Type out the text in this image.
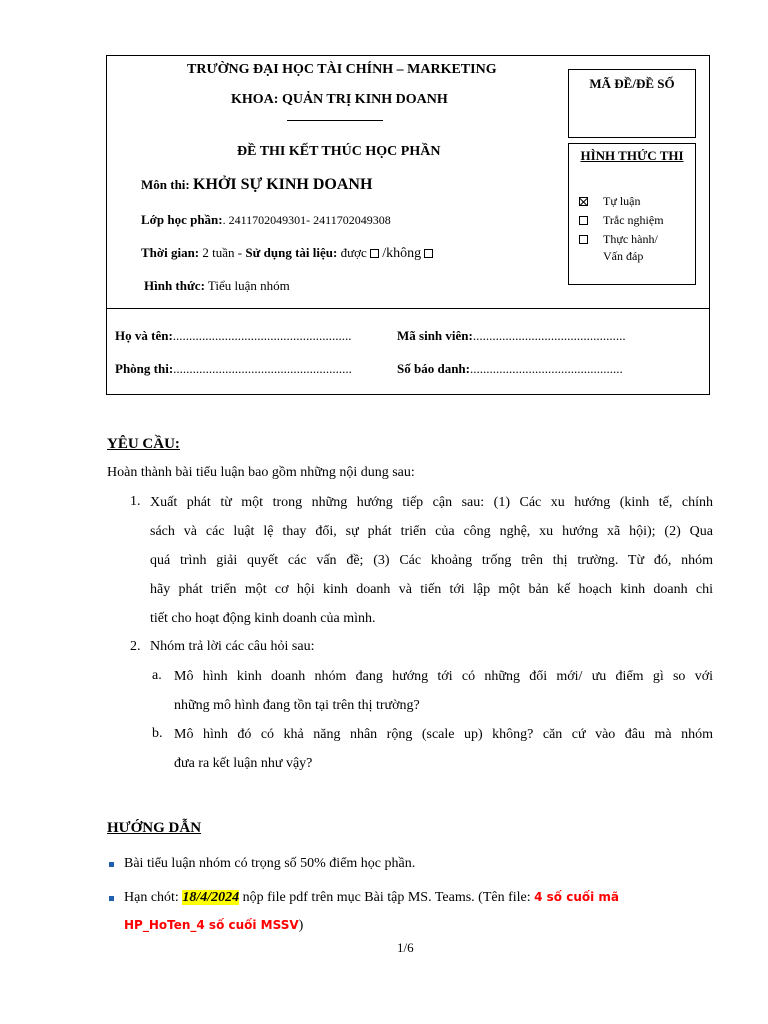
TRƯỜNG ĐẠI HỌC TÀI CHÍNH – MARKETING
KHOA: QUẢN TRỊ KINH DOANH
ĐỀ THI KẾT THÚC HỌC PHẦN
Môn thi: KHỞI SỰ KINH DOANH
Lớp học phần:. 2411702049301- 2411702049308
Thời gian: 2 tuần - Sử dụng tài liệu: được /không
Hình thức: Tiểu luận nhóm
MÃ ĐỀ/ĐỀ SỐ
HÌNH THỨC THI
Tự luận
Trắc nghiệm
Thực hành/
Vấn đáp
Họ và tên:.......................................................	Mã sinh viên:...............................................
Phòng thi:.......................................................	Số báo danh:...............................................
YÊU CẦU:
Hoàn thành bài tiểu luận bao gồm những nội dung sau:
1. Xuất phát từ một trong những hướng tiếp cận sau: (1) Các xu hướng (kinh tế, chính
sách và các luật lệ thay đổi, sự phát triển của công nghệ, xu hướng xã hội); (2) Qua
quá trình giải quyết các vấn đề; (3) Các khoảng trống trên thị trường. Từ đó, nhóm
hãy phát triển một cơ hội kinh doanh và tiến tới lập một bản kế hoạch kinh doanh chi
tiết cho hoạt động kinh doanh của mình.
2. Nhóm trả lời các câu hỏi sau:
a. Mô hình kinh doanh nhóm đang hướng tới có những đổi mới/ ưu điểm gì so với
những mô hình đang tồn tại trên thị trường?
b. Mô hình đó có khả năng nhân rộng (scale up) không? căn cứ vào đâu mà nhóm
đưa ra kết luận như vậy?
HƯỚNG DẪN
Bài tiểu luận nhóm có trọng số 50% điểm học phần.
Hạn chót: 18/4/2024 nộp file pdf trên mục Bài tập MS. Teams. (Tên file: 4 số cuối mã
HP_HoTen_4 số cuối MSSV)
1/6
